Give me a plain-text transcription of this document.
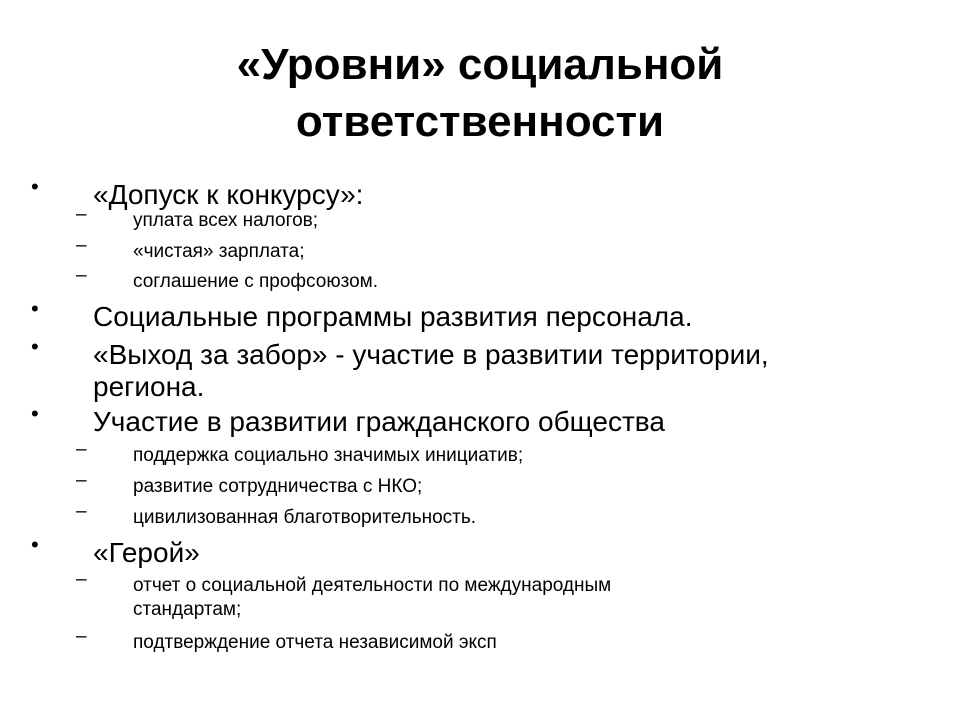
«Уровни» социальной
ответственности
• «Допуск к конкурсу»:
– уплата всех налогов;
– «чистая» зарплата;
– соглашение с профсоюзом.
• Социальные программы развития персонала.
• «Выход за забор» - участие в развитии территории,
региона.
• Участие в развитии гражданского общества
– поддержка социально значимых инициатив;
– развитие сотрудничества с НКО;
– цивилизованная благотворительность.
• «Герой»
– отчет о социальной деятельности по международным
стандартам;
– подтверждение отчета независимой эксп
